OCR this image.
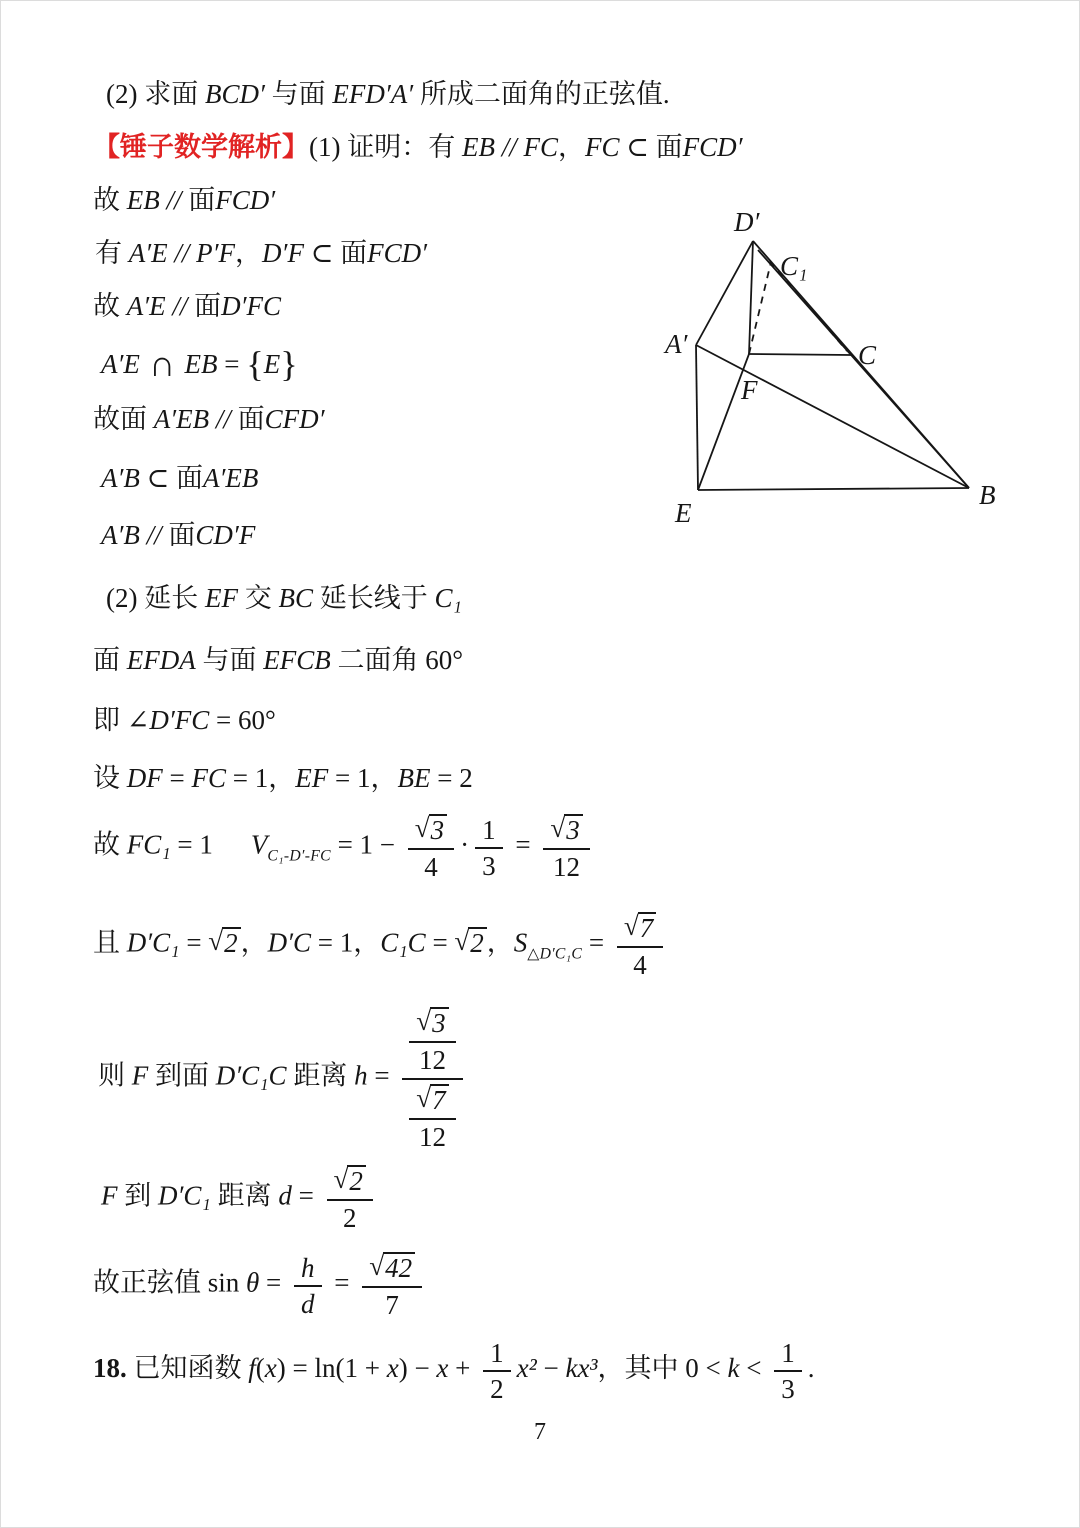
(2) 求面 BCD′ 与面 EFD′A′ 所成二面角的正弦值.
【锤子数学解析】(1) 证明：有 EB // FC，FC ⊂ 面FCD′
故 EB // 面FCD′
有 A′E // P′F，D′F ⊂ 面FCD′
故 A′E // 面D′FC
A′E ∩ EB = {E}
故面 A′EB // 面CFD′
A′B ⊂ 面A′EB
A′B // 面CD′F
(2) 延长 EF 交 BC 延长线于 C₁
面 EFDA 与面 EFCB 二面角 60°
即 ∠D′FC = 60°
设 DF = FC = 1，EF = 1，BE = 2
故 FC₁ = 1 $V_{C_1-D'-FC} = 1 - \frac{√3}{4} \cdot \frac{1}{3} = \frac{√3}{12}$
且 D′C₁ = √2 ，D′C = 1，C₁C = √2 ，$S_{\triangle D'C_1C} = \frac{√7}{4}$
则 F 到面 D′C₁C 距离 $h = \frac{\frac{√3}{12}}{\frac{√7}{12}}$
F 到 D′C₁ 距离 $d = \frac{√2}{2}$
故正弦值 $\sin \theta = \frac{h}{d} = \frac{√42}{7}$
18. 已知函数 $f(x) = \ln(1 + x) - x + \frac{1}{2} x^2 - kx^3$，其中 $0 < k < \frac{1}{3}$ .
D′
C₁
A′
F
C
E
B
7
